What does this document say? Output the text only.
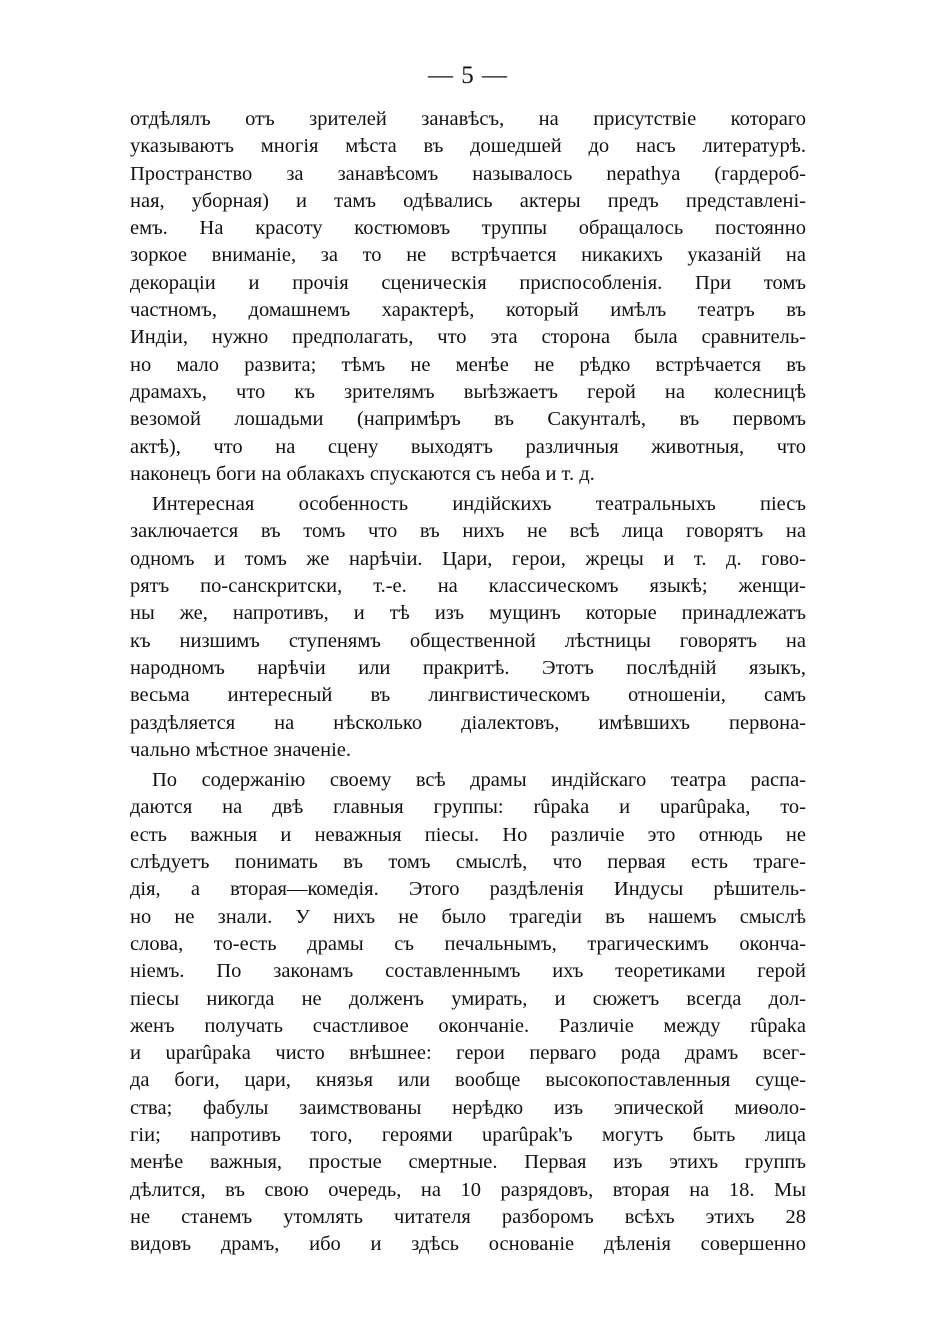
— 5 —
отдѣлялъ отъ зрителей занавѣсъ, на присутствіе котораго
указываютъ многія мѣста въ дошедшей до насъ литературѣ.
Пространство за занавѣсомъ называлось nepathya (гардероб-
ная, уборная) и тамъ одѣвались актеры предъ представлені-
емъ. На красоту костюмовъ труппы обращалось постоянно
зоркое вниманіе, за то не встрѣчается никакихъ указаній на
декораціи и прочія сценическія приспособленія. При томъ
частномъ, домашнемъ характерѣ, который имѣлъ театръ въ
Индіи, нужно предполагать, что эта сторона была сравнитель-
но мало развита; тѣмъ не менѣе не рѣдко встрѣчается въ
драмахъ, что къ зрителямъ выѣзжаетъ герой на колесницѣ
везомой лошадьми (напримѣръ въ Сакунталѣ, въ первомъ
актѣ), что на сцену выходятъ различныя животныя, что
наконецъ боги на облакахъ спускаются съ неба и т. д.
Интересная особенность индійскихъ театральныхъ пiесъ
заключается въ томъ что въ нихъ не всѣ лица говорятъ на
одномъ и томъ же нарѣчіи. Цари, герои, жрецы и т. д. гово-
рятъ по-санскритски, т.-е. на классическомъ языкѣ; женщи-
ны же, напротивъ, и тѣ изъ мущинъ которые принадлежатъ
къ низшимъ ступенямъ общественной лѣстницы говорятъ на
народномъ нарѣчіи или пракритѣ. Этотъ послѣдній языкъ,
весьма интересный въ лингвистическомъ отношеніи, самъ
раздѣляется на нѣсколько діалектовъ, имѣвшихъ первона-
чально мѣстное значеніе.
По содержанію своему всѣ драмы индійскаго театра распа-
даются на двѣ главныя группы: rûpaka и uparûpaka, то-
есть важныя и неважныя пiесы. Но различіе это отнюдь не
слѣдуетъ понимать въ томъ смыслѣ, что первая есть траге-
дія, а вторая—комедія. Этого раздѣленія Индусы рѣшитель-
но не знали. У нихъ не было трагедіи въ нашемъ смыслѣ
слова, то-есть драмы съ печальнымъ, трагическимъ оконча-
ніемъ. По законамъ составленнымъ ихъ теоретиками герой
пiесы никогда не долженъ умирать, и сюжетъ всегда дол-
женъ получать счастливое окончаніе. Различіе между rûpaka
и uparûpaka чисто внѣшнее: герои перваго рода драмъ всег-
да боги, цари, князья или вообще высокопоставленныя суще-
ства; фабулы заимствованы нерѣдко изъ эпической миѳоло-
гіи; напротивъ того, героями uparûpak'ъ могутъ быть лица
менѣе важныя, простые смертные. Первая изъ этихъ группъ
дѣлится, въ свою очередь, на 10 разрядовъ, вторая на 18. Мы
не станемъ утомлять читателя разборомъ всѣхъ этихъ 28
видовъ драмъ, ибо и здѣсь основаніе дѣленія совершенно
